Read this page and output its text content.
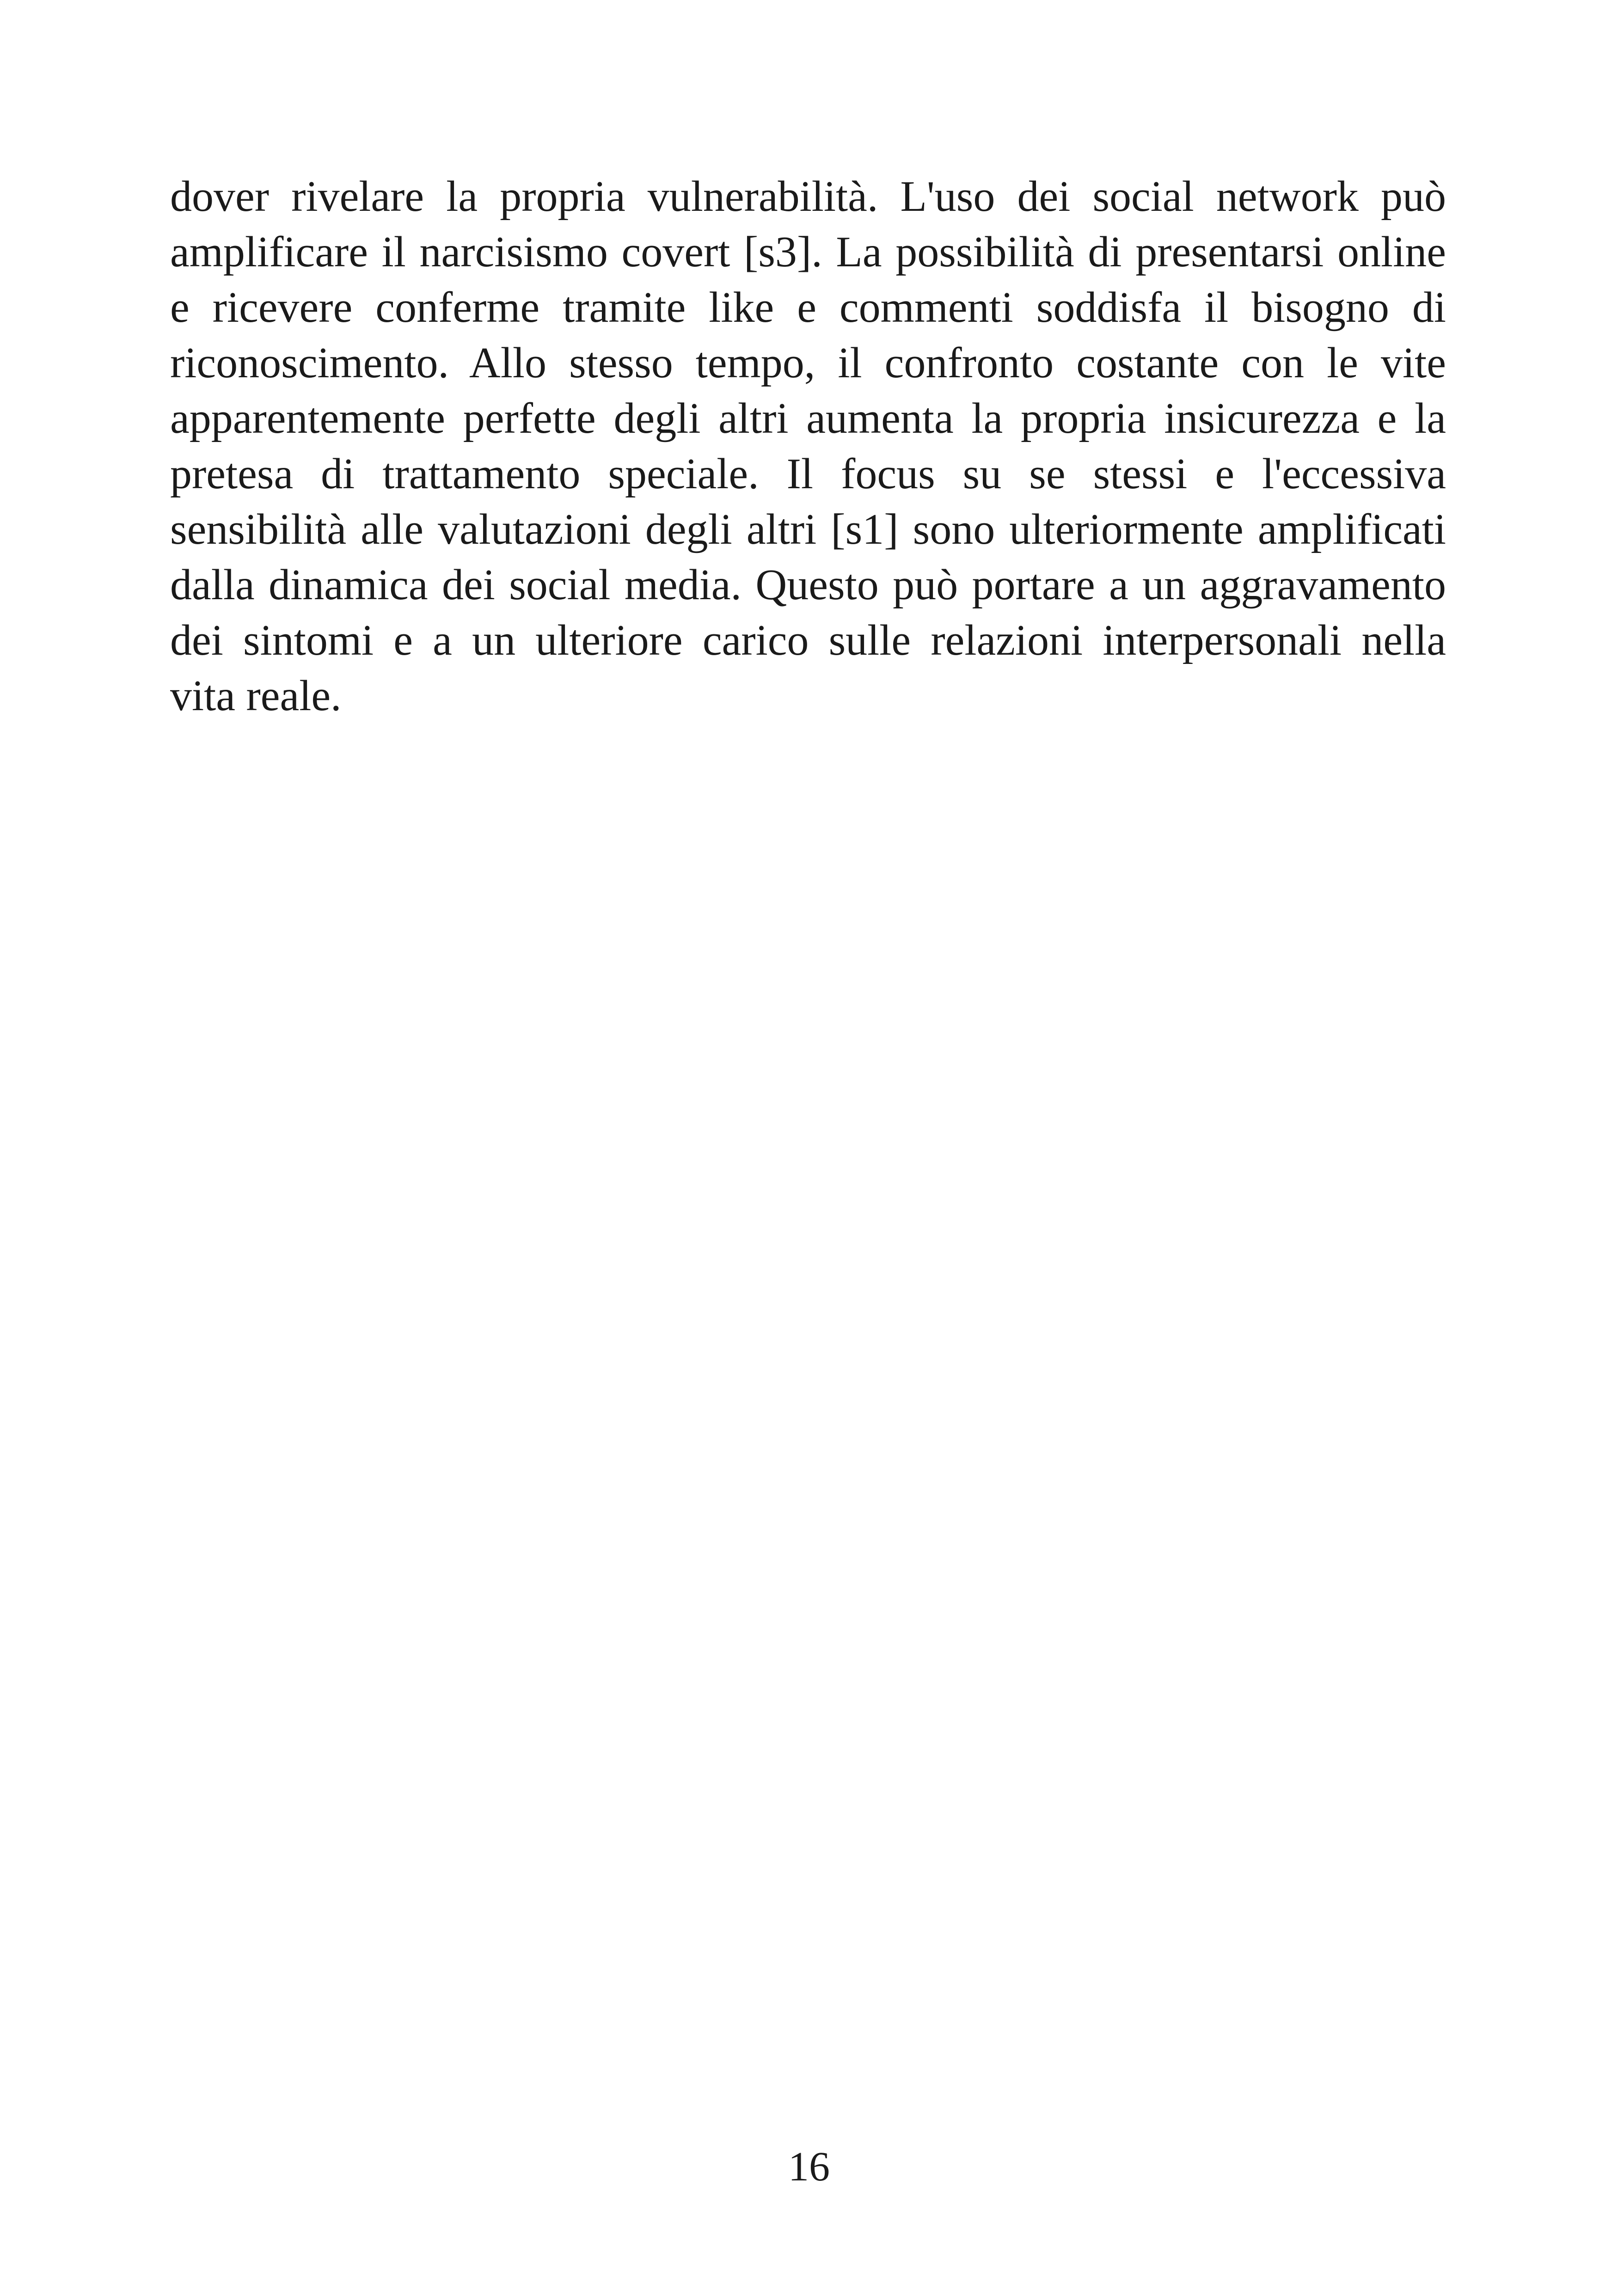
dover rivelare la propria vulnerabilità. L'uso dei social network può
amplificare il narcisismo covert [s3]. La possibilità di presentarsi online
e ricevere conferme tramite like e commenti soddisfa il bisogno di
riconoscimento. Allo stesso tempo, il confronto costante con le vite
apparentemente perfette degli altri aumenta la propria insicurezza e la
pretesa di trattamento speciale. Il focus su se stessi e l'eccessiva
sensibilità alle valutazioni degli altri [s1] sono ulteriormente amplificati
dalla dinamica dei social media. Questo può portare a un aggravamento
dei sintomi e a un ulteriore carico sulle relazioni interpersonali nella
vita reale.

16
